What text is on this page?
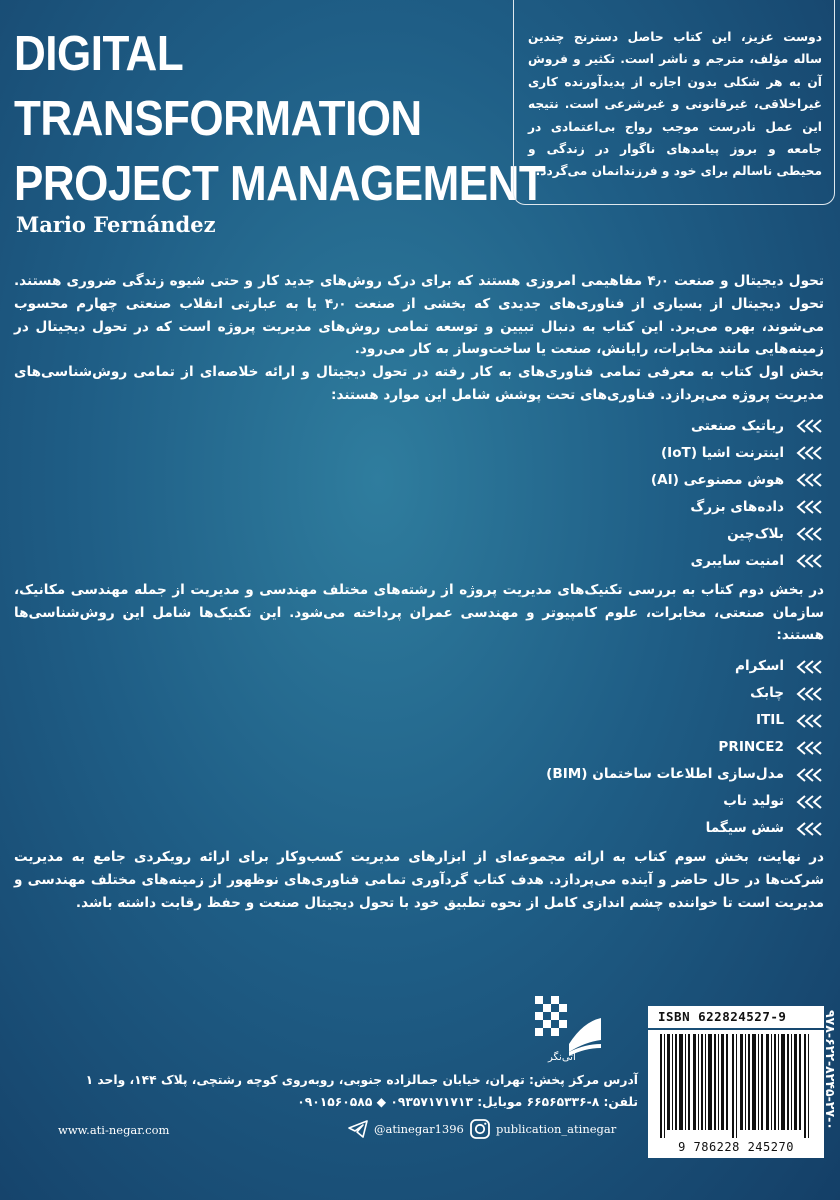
DIGITAL
TRANSFORMATION
PROJECT MANAGEMENT
Mario Fernández
دوست عزیز، این کتاب حاصل دسترنج چندین ساله مؤلف، مترجم و ناشر است. تکثیر و فروش آن به هر شکلی بدون اجازه از پدیدآورنده کاری غیراخلاقی، غیرقانونی و غیرشرعی است. نتیجه این عمل نادرست موجب رواج بی‌اعتمادی در جامعه و بروز پیامدهای ناگوار در زندگی و محیطی ناسالم برای خود و فرزندانمان می‌گردد.

تحول دیجیتال و صنعت ۴٫۰ مفاهیمی امروزی هستند که برای درک روش‌های جدید کار و حتی شیوه زندگی ضروری هستند. تحول دیجیتال از بسیاری از فناوری‌های جدیدی که بخشی از صنعت ۴٫۰ یا به عبارتی انقلاب صنعتی چهارم محسوب می‌شوند، بهره می‌برد. این کتاب به دنبال تبیین و توسعه تمامی روش‌های مدیریت پروژه است که در تحول دیجیتال در زمینه‌هایی مانند مخابرات، رایانش، صنعت یا ساخت‌وساز به کار می‌رود.

بخش اول کتاب به معرفی تمامی فناوری‌های به کار رفته در تحول دیجیتال و ارائه خلاصه‌ای از تمامی روش‌شناسی‌های مدیریت پروژه می‌پردازد. فناوری‌های تحت پوشش شامل این موارد هستند:

رباتیک صنعتی
اینترنت اشیا (IoT)
هوش مصنوعی (AI)
داده‌های بزرگ
بلاک‌چین
امنیت سایبری

در بخش دوم کتاب به بررسی تکنیک‌های مدیریت پروژه از رشته‌های مختلف مهندسی و مدیریت از جمله مهندسی مکانیک، سازمان صنعتی، مخابرات، علوم کامپیوتر و مهندسی عمران پرداخته می‌شود. این تکنیک‌ها شامل این روش‌شناسی‌ها هستند:

اسکرام
چابک
ITIL
PRINCE2
مدل‌سازی اطلاعات ساختمان (BIM)
تولید ناب
شش سیگما

در نهایت، بخش سوم کتاب به ارائه مجموعه‌ای از ابزارهای مدیریت کسب‌وکار برای ارائه رویکردی جامع به مدیریت شرکت‌ها در حال حاضر و آینده می‌پردازد. هدف کتاب گردآوری تمامی فناوری‌های نوظهور از زمینه‌های مختلف مهندسی و مدیریت است تا خواننده چشم اندازی کامل از نحوه تطبیق خود با تحول دیجیتال صنعت و حفظ رقابت داشته باشد.

آتی‌نگر
ISBN 622824527-9
9 786228 245270
۹۷۸-۶۲۲-۸۲۴۵-۲۷-۰
آدرس مرکز پخش: تهران، خیابان جمالزاده جنوبی، روبه‌روی کوچه رشتچی، پلاک ۱۴۴، واحد ۱
تلفن: ۸-۶۶۵۶۵۳۳۶ موبایل: ۰۹۳۵۷۱۷۱۷۱۳ ◆ ۰۹۰۱۵۶۰۵۸۵
www.ati-negar.com	@atinegar1396	publication_atinegar
